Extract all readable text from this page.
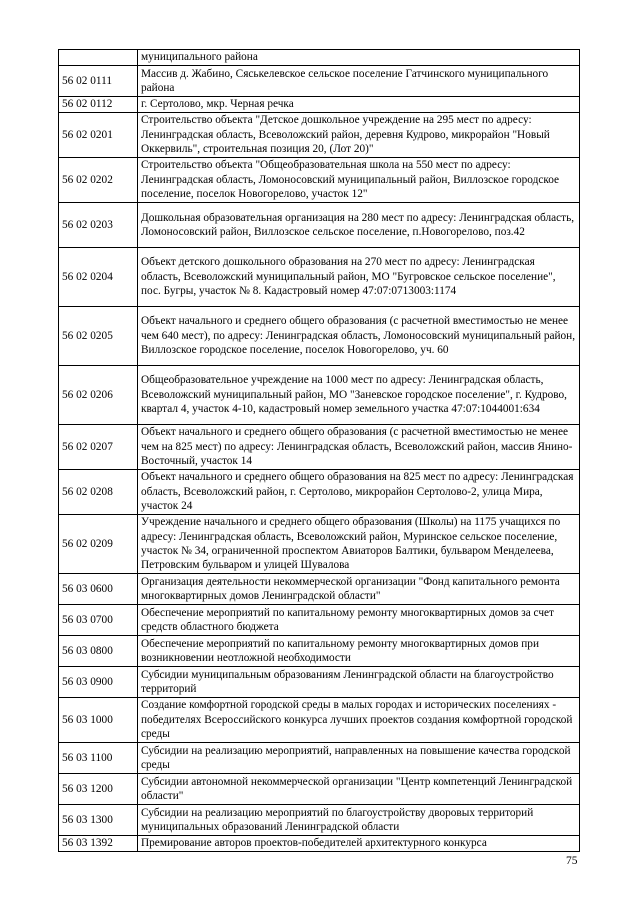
	муниципального района
56 02 0111	Массив д. Жабино, Сяськелевское сельское поселение Гатчинского муниципального района
56 02 0112	г. Сертолово, мкр. Черная речка
56 02 0201	Строительство объекта "Детское дошкольное учреждение на 295 мест по адресу: Ленинградская область, Всеволожский район, деревня Кудрово, микрорайон "Новый Оккервиль", строительная позиция 20, (Лот 20)"
56 02 0202	Строительство объекта "Общеобразовательная школа на 550 мест по адресу: Ленинградская область, Ломоносовский муниципальный район, Виллозское городское поселение, поселок Новогорелово, участок 12"
56 02 0203	Дошкольная образовательная организация на 280 мест по адресу: Ленинградская область, Ломоносовский район, Виллозское сельское поселение, п.Новогорелово, поз.42
56 02 0204	Объект детского дошкольного образования на 270 мест по адресу: Ленинградская область, Всеволожский муниципальный район, МО "Бугровское сельское поселение", пос. Бугры, участок № 8. Кадастровый номер 47:07:0713003:1174
56 02 0205	Объект начального и среднего общего образования (с расчетной вместимостью не менее чем 640 мест), по адресу: Ленинградская область, Ломоносовский муниципальный район, Виллозское городское поселение, поселок Новогорелово, уч. 60
56 02 0206	Общеобразовательное учреждение на 1000 мест по адресу: Ленинградская область, Всеволожский муниципальный район, МО "Заневское городское поселение", г. Кудрово, квартал 4, участок 4-10, кадастровый номер земельного участка 47:07:1044001:634
56 02 0207	Объект начального и среднего общего образования (с расчетной вместимостью не менее чем на 825 мест) по адресу: Ленинградская область, Всеволожский район, массив Янино-Восточный, участок 14
56 02 0208	Объект начального и среднего общего образования на 825 мест по адресу: Ленинградская область, Всеволожский район, г. Сертолово, микрорайон Сертолово-2, улица Мира, участок 24
56 02 0209	Учреждение начального и среднего общего образования (Школы) на 1175 учащихся по адресу: Ленинградская область, Всеволожский район, Муринское сельское поселение, участок № 34, ограниченной проспектом Авиаторов Балтики, бульваром Менделеева, Петровским бульваром и улицей Шувалова
56 03 0600	Организация деятельности некоммерческой организации "Фонд капитального ремонта многоквартирных домов Ленинградской области"
56 03 0700	Обеспечение мероприятий по капитальному ремонту многоквартирных домов за счет средств областного бюджета
56 03 0800	Обеспечение мероприятий по капитальному ремонту многоквартирных домов при возникновении неотложной необходимости
56 03 0900	Субсидии муниципальным образованиям Ленинградской области на благоустройство территорий
56 03 1000	Создание комфортной городской среды в малых городах и исторических поселениях - победителях Всероссийского конкурса лучших проектов создания комфортной городской среды
56 03 1100	Субсидии на реализацию мероприятий, направленных на повышение качества городской среды
56 03 1200	Субсидии автономной некоммерческой организации "Центр компетенций Ленинградской области"
56 03 1300	Субсидии на реализацию мероприятий по благоустройству дворовых территорий муниципальных образований Ленинградской области
56 03 1392	Премирование авторов проектов-победителей архитектурного конкурса
75
